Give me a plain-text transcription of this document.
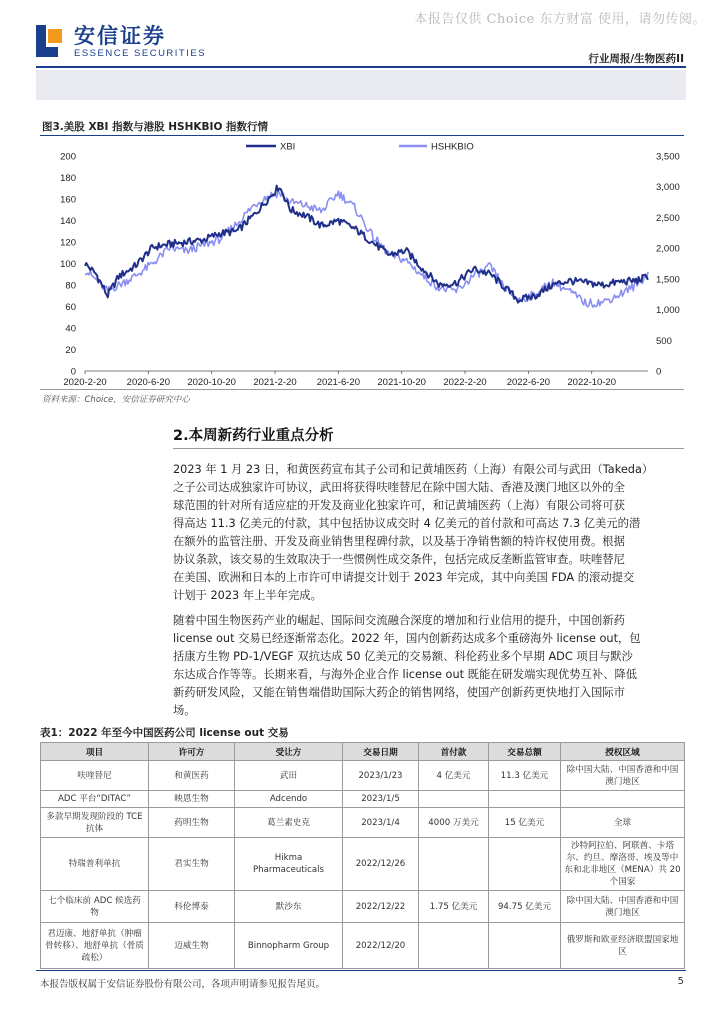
本报告仅供 Choice 东方财富 使用，请勿传阅。
安信证券
ESSENCE SECURITIES	行业周报/生物医药II
图3.美股 XBI 指数与港股 HSHKBIO 指数行情
0
20
40
60
80
100
120
140
160
180
200
0
500
1,000
1,500
2,000
2,500
3,000
3,500
2020-2-20 2020-6-20 2020-10-20 2021-2-20 2021-6-20 2021-10-20 2022-2-20 2022-6-20 2022-10-20
XBI	HSHKBIO
资料来源：Choice，安信证券研究中心
2.本周新药行业重点分析
2023 年 1 月 23 日，和黄医药宣布其子公司和记黄埔医药（上海）有限公司与武田（Takeda）
之子公司达成独家许可协议，武田将获得呋喹替尼在除中国大陆、香港及澳门地区以外的全
球范围的针对所有适应症的开发及商业化独家许可，和记黄埔医药（上海）有限公司将可获
得高达 11.3 亿美元的付款，其中包括协议成交时 4 亿美元的首付款和可高达 7.3 亿美元的潜
在额外的监管注册、开发及商业销售里程碑付款，以及基于净销售额的特许权使用费。根据
协议条款，该交易的生效取决于一些惯例性成交条件，包括完成反垄断监管审查。呋喹替尼
在美国、欧洲和日本的上市许可申请提交计划于 2023 年完成，其中向美国 FDA 的滚动提交
计划于 2023 年上半年完成。
随着中国生物医药产业的崛起、国际间交流融合深度的增加和行业信用的提升，中国创新药
license out 交易已经逐渐常态化。2022 年，国内创新药达成多个重磅海外 license out，包
括康方生物 PD-1/VEGF 双抗达成 50 亿美元的交易额、科伦药业多个早期 ADC 项目与默沙
东达成合作等等。长期来看，与海外企业合作 license out 既能在研发端实现优势互补、降低
新药研发风险，又能在销售端借助国际大药企的销售网络，使国产创新药更快地打入国际市
场。
表1：2022 年至今中国医药公司 license out 交易
项目	许可方	受让方	交易日期	首付款	交易总额	授权区域
呋喹替尼	和黄医药	武田	2023/1/23	4 亿美元	11.3 亿美元	除中国大陆、中国香港和中国澳门地区
ADC 平台“DITAC”	映恩生物	Adcendo	2023/1/5			
多款早期发现阶段的 TCE 抗体	药明生物	葛兰素史克	2023/1/4	4000 万美元	15 亿美元	全球
特瑞普利单抗	君实生物	Hikma Pharmaceuticals	2022/12/26			沙特阿拉伯、阿联酋、卡塔尔、约旦、摩洛哥、埃及等中东和北非地区（MENA）共 20 个国家
七个临床前 ADC 候选药物	科伦博泰	默沙东	2022/12/22	1.75 亿美元	94.75 亿美元	除中国大陆、中国香港和中国澳门地区
君迈康、地舒单抗（肿瘤骨转移）、地舒单抗（骨质疏松）	迈威生物	Binnopharm Group	2022/12/20			俄罗斯和欧亚经济联盟国家地区
本报告版权属于安信证券股份有限公司，各项声明请参见报告尾页。	5
